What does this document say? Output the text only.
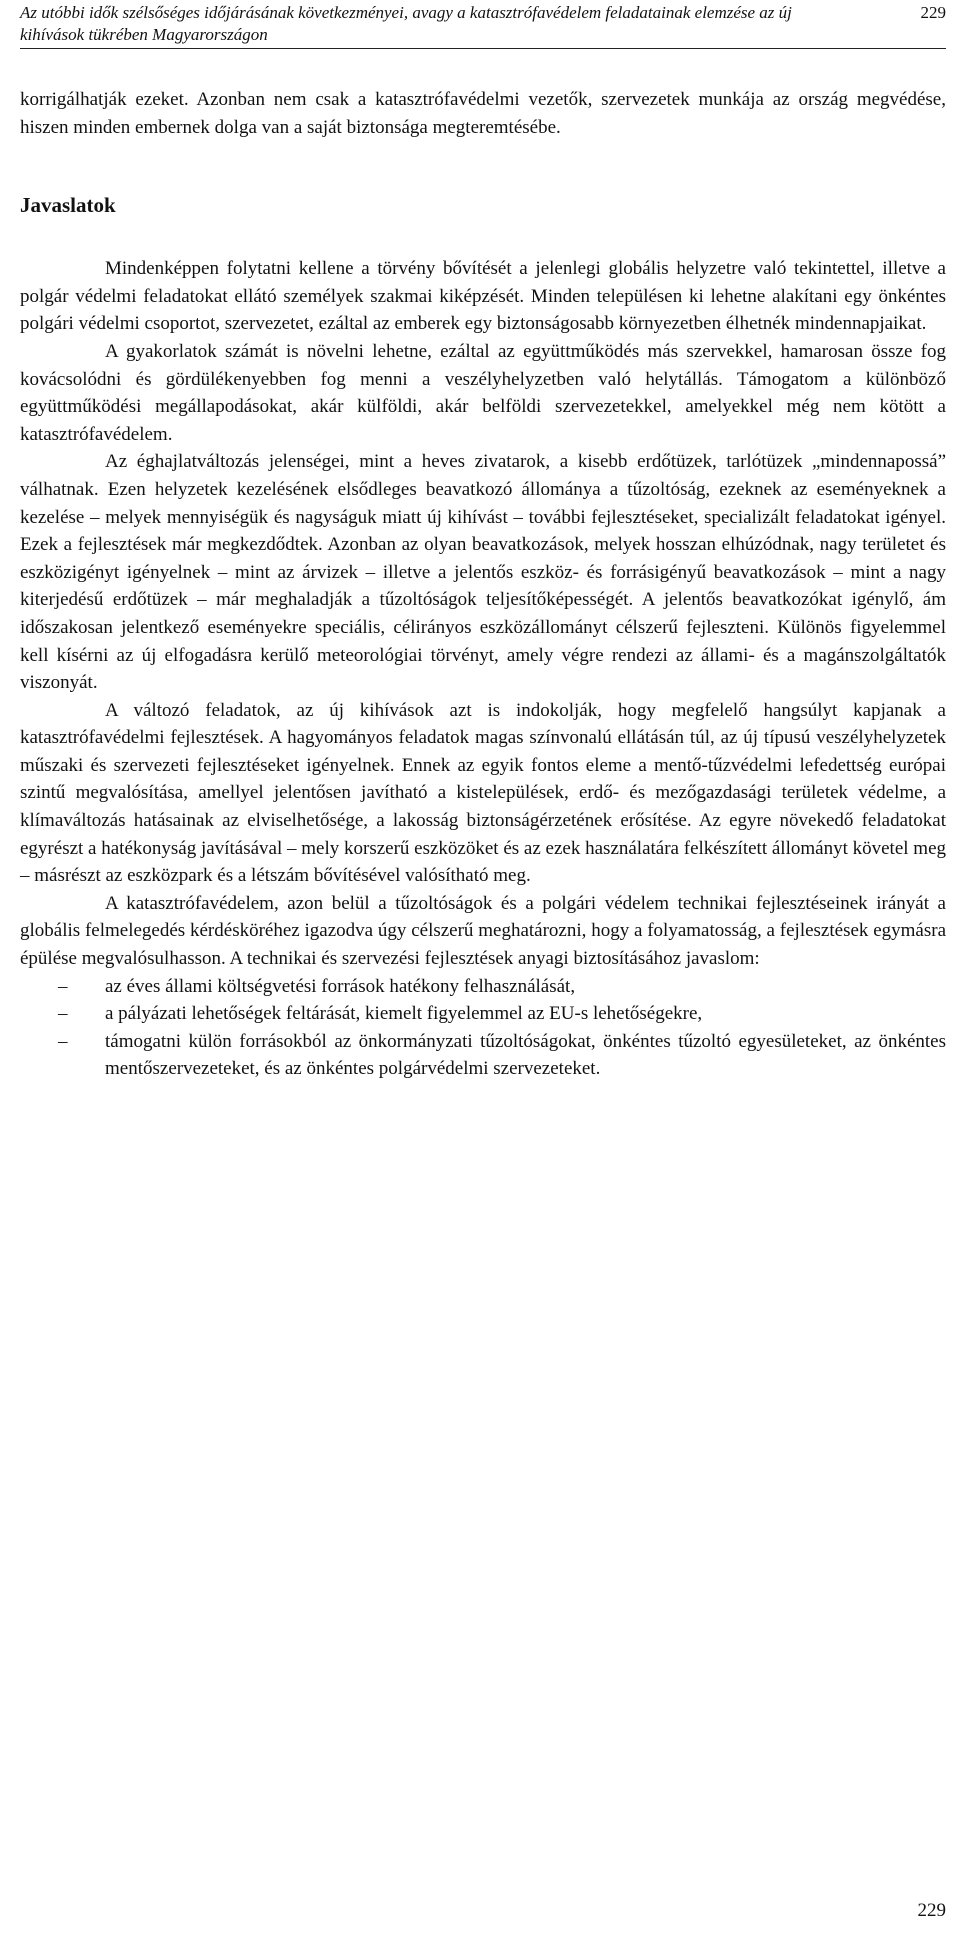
Az utóbbi idők szélsőséges időjárásának következményei, avagy a katasztrófavédelem feladatainak elemzése az új kihívások tükrében Magyarországon
229

korrigálhatják ezeket. Azonban nem csak a katasztrófavédelmi vezetők, szervezetek munkája az ország megvédése, hiszen minden embernek dolga van a saját biztonsága megteremtésébe.

Javaslatok

Mindenképpen folytatni kellene a törvény bővítését a jelenlegi globális helyzetre való tekintettel, illetve a polgár védelmi feladatokat ellátó személyek szakmai kiképzését. Minden településen ki lehetne alakítani egy önkéntes polgári védelmi csoportot, szervezetet, ezáltal az emberek egy biztonságosabb környezetben élhetnék mindennapjaikat.

A gyakorlatok számát is növelni lehetne, ezáltal az együttműködés más szervekkel, hamarosan össze fog kovácsolódni és gördülékenyebben fog menni a veszélyhelyzetben való helytállás. Támogatom a különböző együttműködési megállapodásokat, akár külföldi, akár belföldi szervezetekkel, amelyekkel még nem kötött a katasztrófavédelem.

Az éghajlatváltozás jelenségei, mint a heves zivatarok, a kisebb erdőtüzek, tarlótüzek „mindennapossá” válhatnak. Ezen helyzetek kezelésének elsődleges beavatkozó állománya a tűzoltóság, ezeknek az eseményeknek a kezelése – melyek mennyiségük és nagyságuk miatt új kihívást – további fejlesztéseket, specializált feladatokat igényel. Ezek a fejlesztések már megkezdődtek. Azonban az olyan beavatkozások, melyek hosszan elhúzódnak, nagy területet és eszközigényt igényelnek – mint az árvizek – illetve a jelentős eszköz- és forrásigényű beavatkozások – mint a nagy kiterjedésű erdőtüzek – már meghaladják a tűzoltóságok teljesítőképességét. A jelentős beavatkozókat igénylő, ám időszakosan jelentkező eseményekre speciális, célirányos eszközállományt célszerű fejleszteni. Különös figyelemmel kell kísérni az új elfogadásra kerülő meteorológiai törvényt, amely végre rendezi az állami- és a magánszolgáltatók viszonyát.

A változó feladatok, az új kihívások azt is indokolják, hogy megfelelő hangsúlyt kapjanak a katasztrófavédelmi fejlesztések. A hagyományos feladatok magas színvonalú ellátásán túl, az új típusú veszélyhelyzetek műszaki és szervezeti fejlesztéseket igényelnek. Ennek az egyik fontos eleme a mentő-tűzvédelmi lefedettség európai szintű megvalósítása, amellyel jelentősen javítható a kistelepülések, erdő- és mezőgazdasági területek védelme, a klímaváltozás hatásainak az elviselhetősége, a lakosság biztonságérzetének erősítése. Az egyre növekedő feladatokat egyrészt a hatékonyság javításával – mely korszerű eszközöket és az ezek használatára felkészített állományt követel meg – másrészt az eszközpark és a létszám bővítésével valósítható meg.

A katasztrófavédelem, azon belül a tűzoltóságok és a polgári védelem technikai fejlesztéseinek irányát a globális felmelegedés kérdésköréhez igazodva úgy célszerű meghatározni, hogy a folyamatosság, a fejlesztések egymásra épülése megvalósulhasson. A technikai és szervezési fejlesztések anyagi biztosításához javaslom:

– az éves állami költségvetési források hatékony felhasználását,
– a pályázati lehetőségek feltárását, kiemelt figyelemmel az EU-s lehetőségekre,
– támogatni külön forrásokból az önkormányzati tűzoltóságokat, önkéntes tűzoltó egyesületeket, az önkéntes mentőszervezeteket, és az önkéntes polgárvédelmi szervezeteket.
229
